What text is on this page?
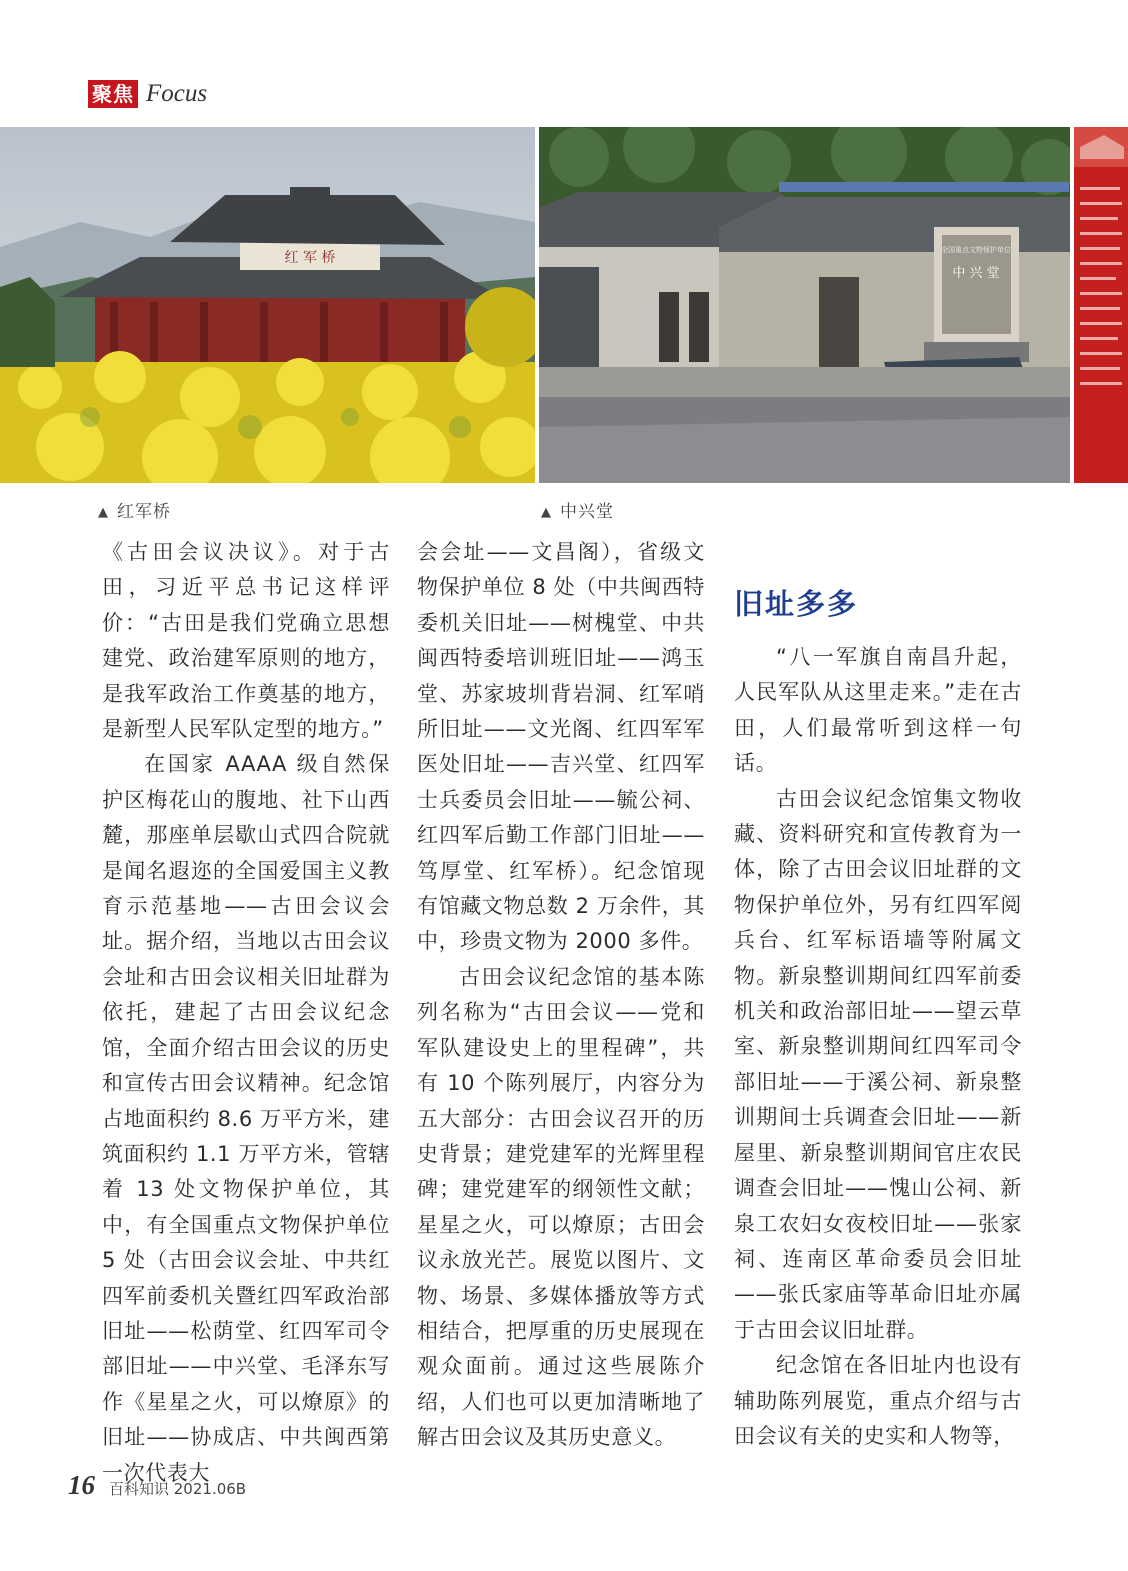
聚焦 Focus
红 军 桥	全国重点文物保护单位
中 兴 堂
▲ 红军桥	▲ 中兴堂

《古田会议决议》。对于古田，习近平总书记这样评价：“古田是我们党确立思想建党、政治建军原则的地方，是我军政治工作奠基的地方，是新型人民军队定型的地方。”

在国家 AAAA 级自然保护区梅花山的腹地、社下山西麓，那座单层歇山式四合院就是闻名遐迩的全国爱国主义教育示范基地——古田会议会址。据介绍，当地以古田会议会址和古田会议相关旧址群为依托，建起了古田会议纪念馆，全面介绍古田会议的历史和宣传古田会议精神。纪念馆占地面积约 8.6 万平方米，建筑面积约 1.1 万平方米，管辖着 13 处文物保护单位，其中，有全国重点文物保护单位 5 处（古田会议会址、中共红四军前委机关暨红四军政治部旧址——松荫堂、红四军司令部旧址——中兴堂、毛泽东写作《星星之火，可以燎原》的旧址——协成店、中共闽西第一次代表大

会会址——文昌阁），省级文物保护单位 8 处（中共闽西特委机关旧址——树槐堂、中共闽西特委培训班旧址——鸿玉堂、苏家坡圳背岩洞、红军哨所旧址——文光阁、红四军军医处旧址——吉兴堂、红四军士兵委员会旧址——毓公祠、红四军后勤工作部门旧址——笃厚堂、红军桥）。纪念馆现有馆藏文物总数 2 万余件，其中，珍贵文物为 2000 多件。

古田会议纪念馆的基本陈列名称为“古田会议——党和军队建设史上的里程碑”，共有 10 个陈列展厅，内容分为五大部分：古田会议召开的历史背景；建党建军的光辉里程碑；建党建军的纲领性文献；星星之火，可以燎原；古田会议永放光芒。展览以图片、文物、场景、多媒体播放等方式相结合，把厚重的历史展现在观众面前。通过这些展陈介绍，人们也可以更加清晰地了解古田会议及其历史意义。

旧址多多

“八一军旗自南昌升起，人民军队从这里走来。”走在古田，人们最常听到这样一句话。

古田会议纪念馆集文物收藏、资料研究和宣传教育为一体，除了古田会议旧址群的文物保护单位外，另有红四军阅兵台、红军标语墙等附属文物。新泉整训期间红四军前委机关和政治部旧址——望云草室、新泉整训期间红四军司令部旧址——于溪公祠、新泉整训期间士兵调查会旧址——新屋里、新泉整训期间官庄农民调查会旧址——愧山公祠、新泉工农妇女夜校旧址——张家祠、连南区革命委员会旧址——张氏家庙等革命旧址亦属于古田会议旧址群。

纪念馆在各旧址内也设有辅助陈列展览，重点介绍与古田会议有关的史实和人物等，

16 百科知识 2021.06B
